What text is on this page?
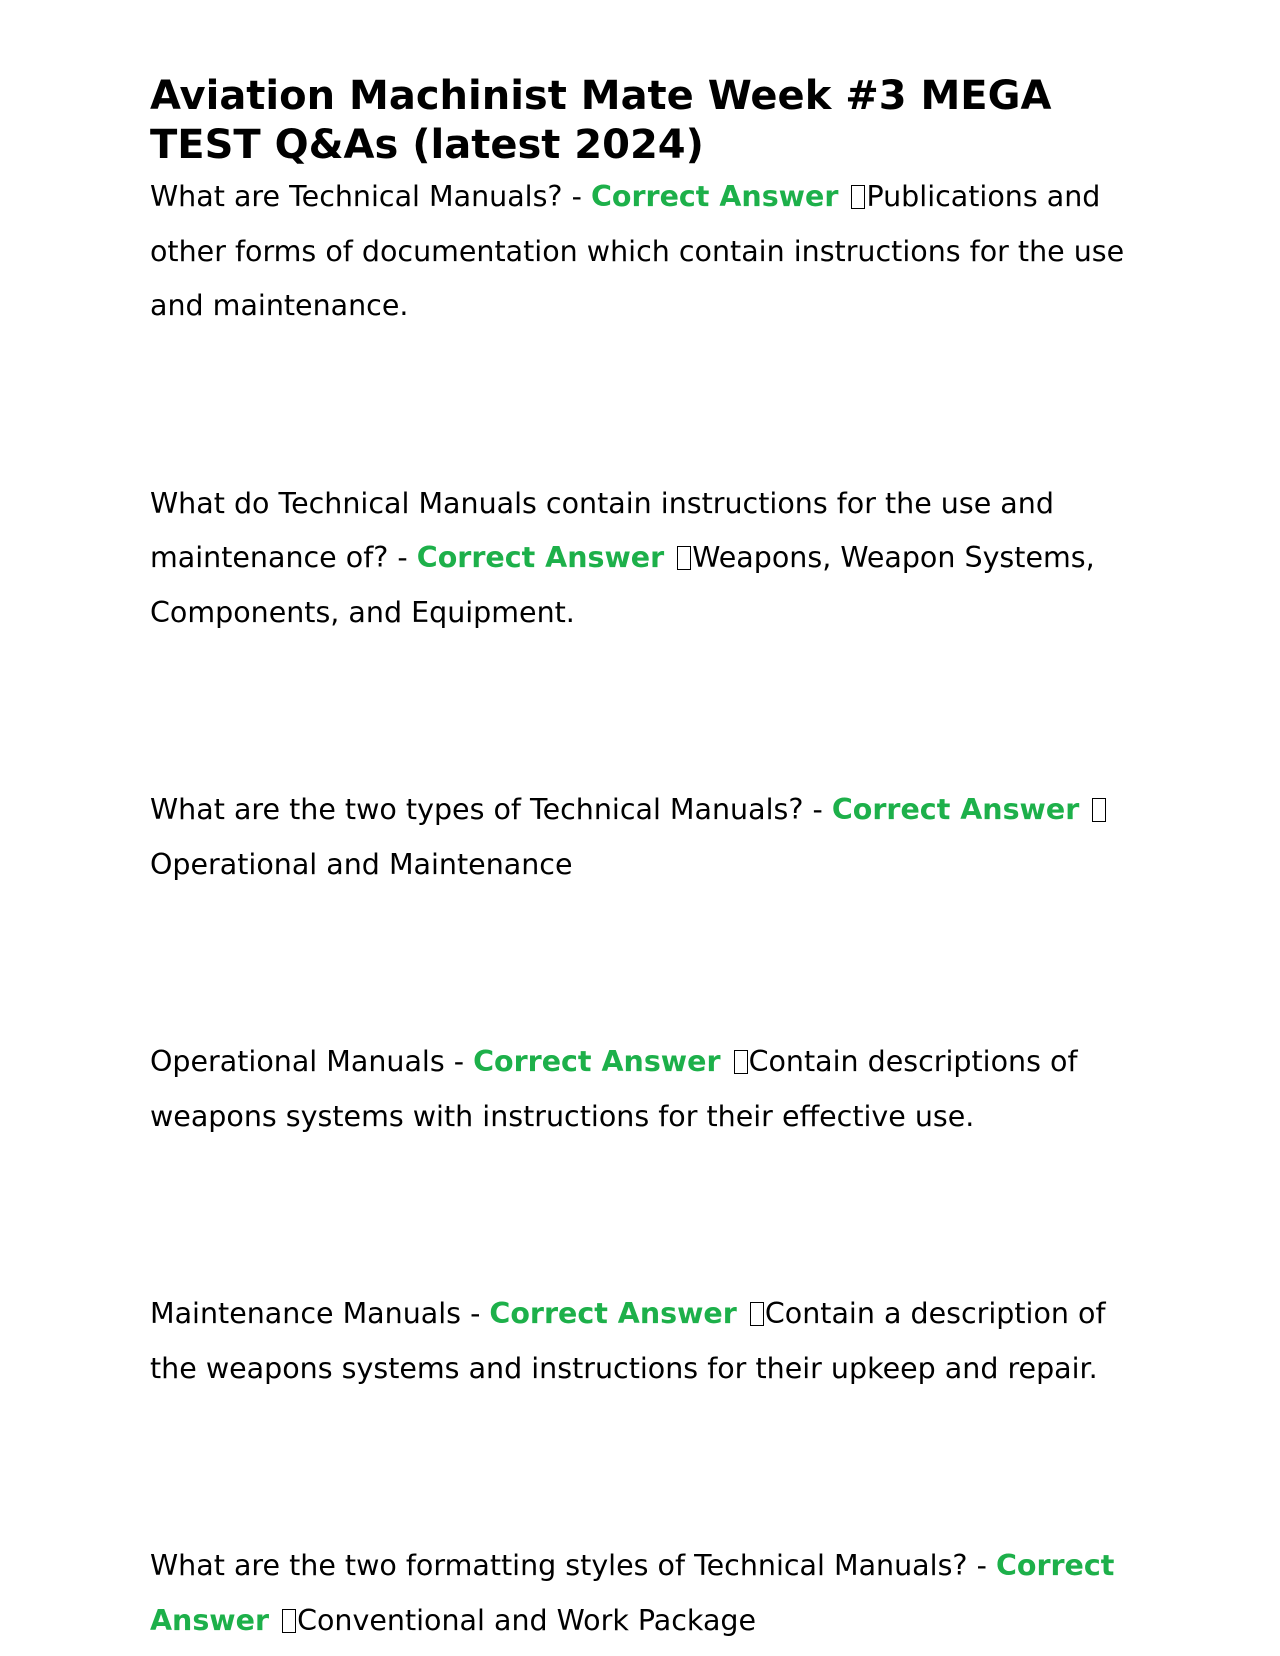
Aviation Machinist Mate Week #3 MEGA TEST Q&As (latest 2024)
What are Technical Manuals? - Correct Answer Publications and other forms of documentation which contain instructions for the use and maintenance.
What do Technical Manuals contain instructions for the use and maintenance of? - Correct Answer Weapons, Weapon Systems, Components, and Equipment.
What are the two types of Technical Manuals? - Correct Answer Operational and Maintenance
Operational Manuals - Correct Answer Contain descriptions of weapons systems with instructions for their effective use.
Maintenance Manuals - Correct Answer Contain a description of the weapons systems and instructions for their upkeep and repair.
What are the two formatting styles of Technical Manuals? - Correct Answer Conventional and Work Package
